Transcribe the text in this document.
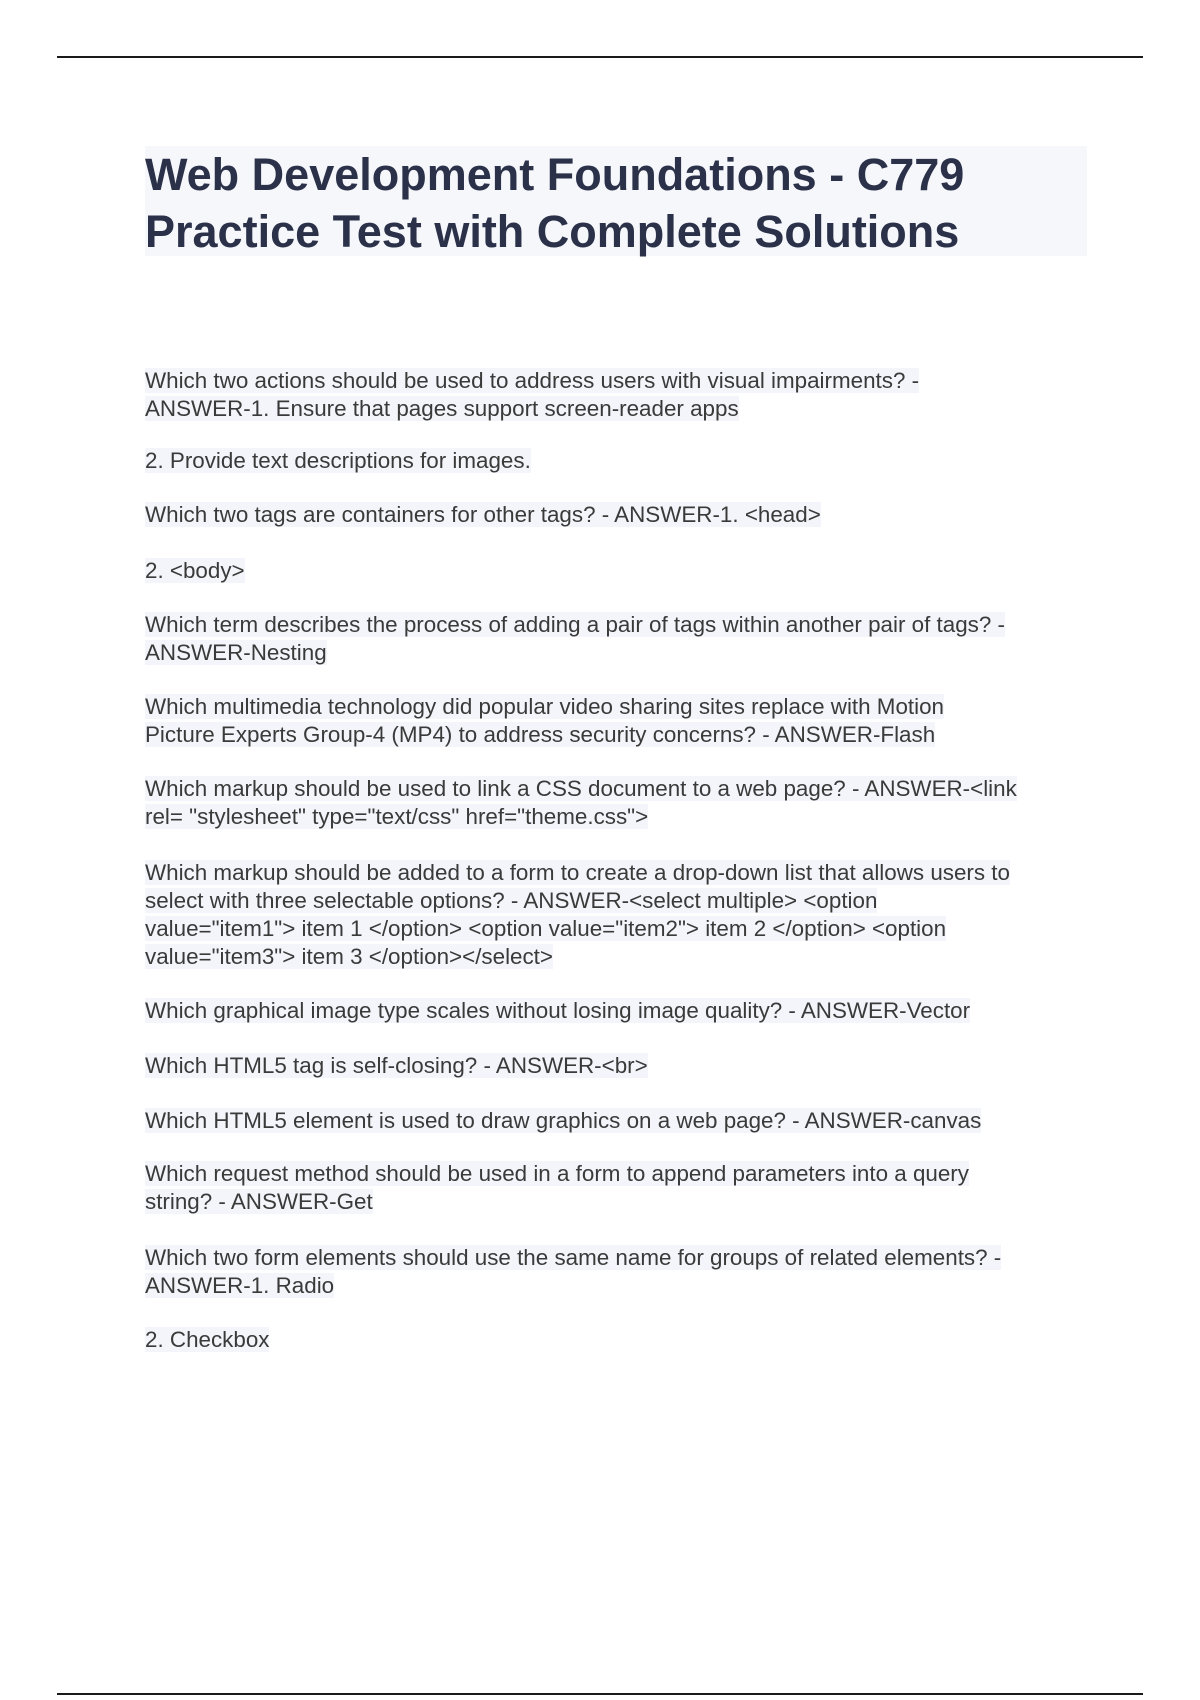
Web Development Foundations - C779
Practice Test with Complete Solutions
Which two actions should be used to address users with visual impairments? -
ANSWER-1. Ensure that pages support screen-reader apps
2. Provide text descriptions for images.
Which two tags are containers for other tags? - ANSWER-1. <head>
2. <body>
Which term describes the process of adding a pair of tags within another pair of tags? -
ANSWER-Nesting
Which multimedia technology did popular video sharing sites replace with Motion
Picture Experts Group-4 (MP4) to address security concerns? - ANSWER-Flash
Which markup should be used to link a CSS document to a web page? - ANSWER-<link
rel= "stylesheet" type="text/css" href="theme.css">
Which markup should be added to a form to create a drop-down list that allows users to
select with three selectable options? - ANSWER-<select multiple> <option
value="item1"> item 1 </option> <option value="item2"> item 2 </option> <option
value="item3"> item 3 </option></select>
Which graphical image type scales without losing image quality? - ANSWER-Vector
Which HTML5 tag is self-closing? - ANSWER-<br>
Which HTML5 element is used to draw graphics on a web page? - ANSWER-canvas
Which request method should be used in a form to append parameters into a query
string? - ANSWER-Get
Which two form elements should use the same name for groups of related elements? -
ANSWER-1. Radio
2. Checkbox
